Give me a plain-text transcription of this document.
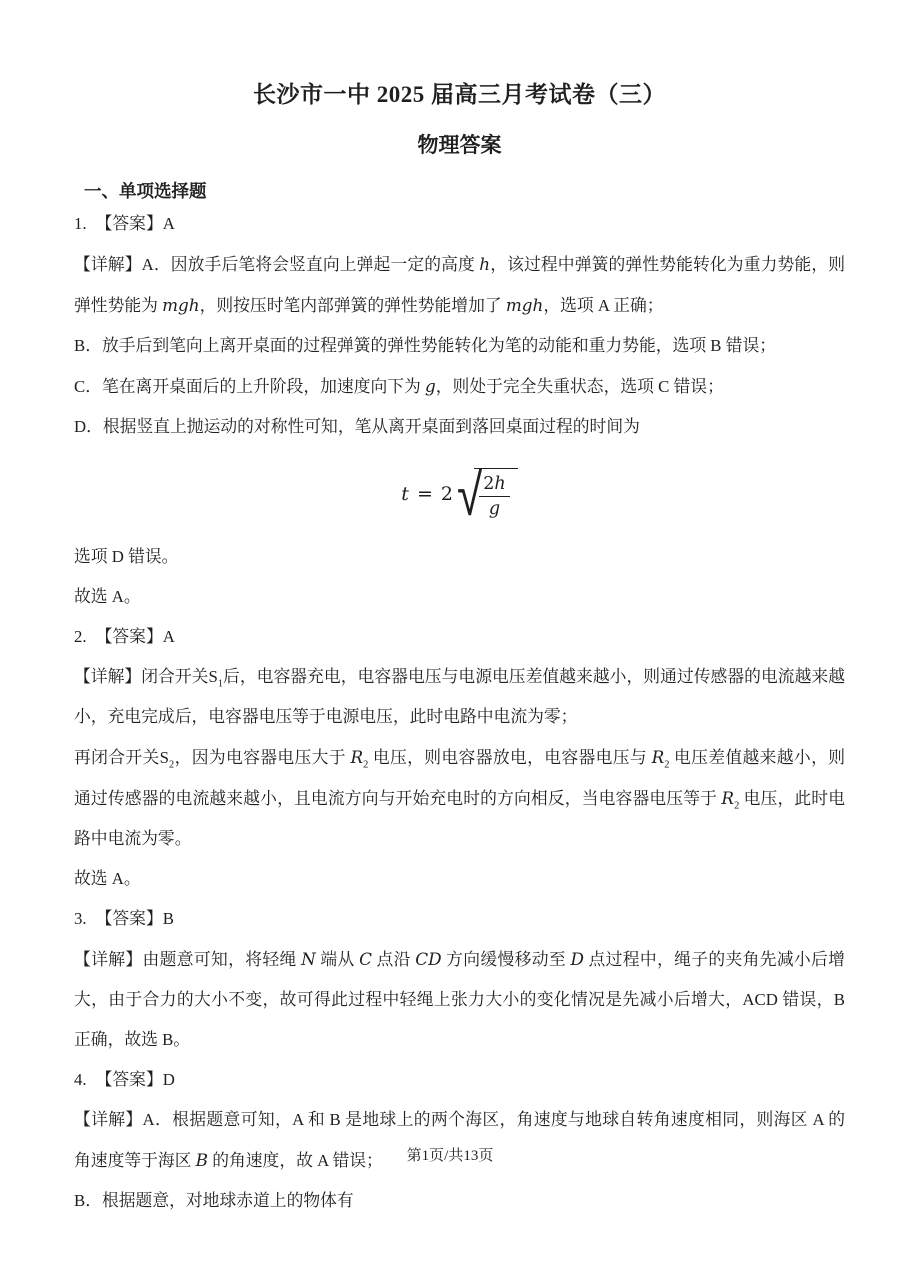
长沙市一中 2025 届高三月考试卷（三）
物理答案
一、单项选择题
1. 【答案】A

【详解】A．因放手后笔将会竖直向上弹起一定的高度 h，该过程中弹簧的弹性势能转化为重力势能，则弹性势能为 mgh，则按压时笔内部弹簧的弹性势能增加了 mgh，选项 A 正确；

B．放手后到笔向上离开桌面的过程弹簧的弹性势能转化为笔的动能和重力势能，选项 B 错误；

C．笔在离开桌面后的上升阶段，加速度向下为 g，则处于完全失重状态，选项 C 错误；

D．根据竖直上抛运动的对称性可知，笔从离开桌面到落回桌面过程的时间为

t = 2 √
$\frac{2h}{g}$

选项 D 错误。

故选 A。

2. 【答案】A

【详解】闭合开关$S_1$后，电容器充电，电容器电压与电源电压差值越来越小，则通过传感器的电流越来越小，充电完成后，电容器电压等于电源电压，此时电路中电流为零；

再闭合开关$S_2$，因为电容器电压大于 $R_2$ 电压，则电容器放电，电容器电压与 $R_2$ 电压差值越来越小，则通过传感器的电流越来越小，且电流方向与开始充电时的方向相反，当电容器电压等于 $R_2$ 电压，此时电路中电流为零。

故选 A。

3. 【答案】B

【详解】由题意可知，将轻绳 N 端从 C 点沿 CD 方向缓慢移动至 D 点过程中，绳子的夹角先减小后增大，由于合力的大小不变，故可得此过程中轻绳上张力大小的变化情况是先减小后增大，ACD 错误，B 正确，故选 B。

4. 【答案】D

【详解】A．根据题意可知，A 和 B 是地球上的两个海区，角速度与地球自转角速度相同，则海区 A 的角速度等于海区 B 的角速度，故 A 错误；

B．根据题意，对地球赤道上的物体有

第1页/共13页
